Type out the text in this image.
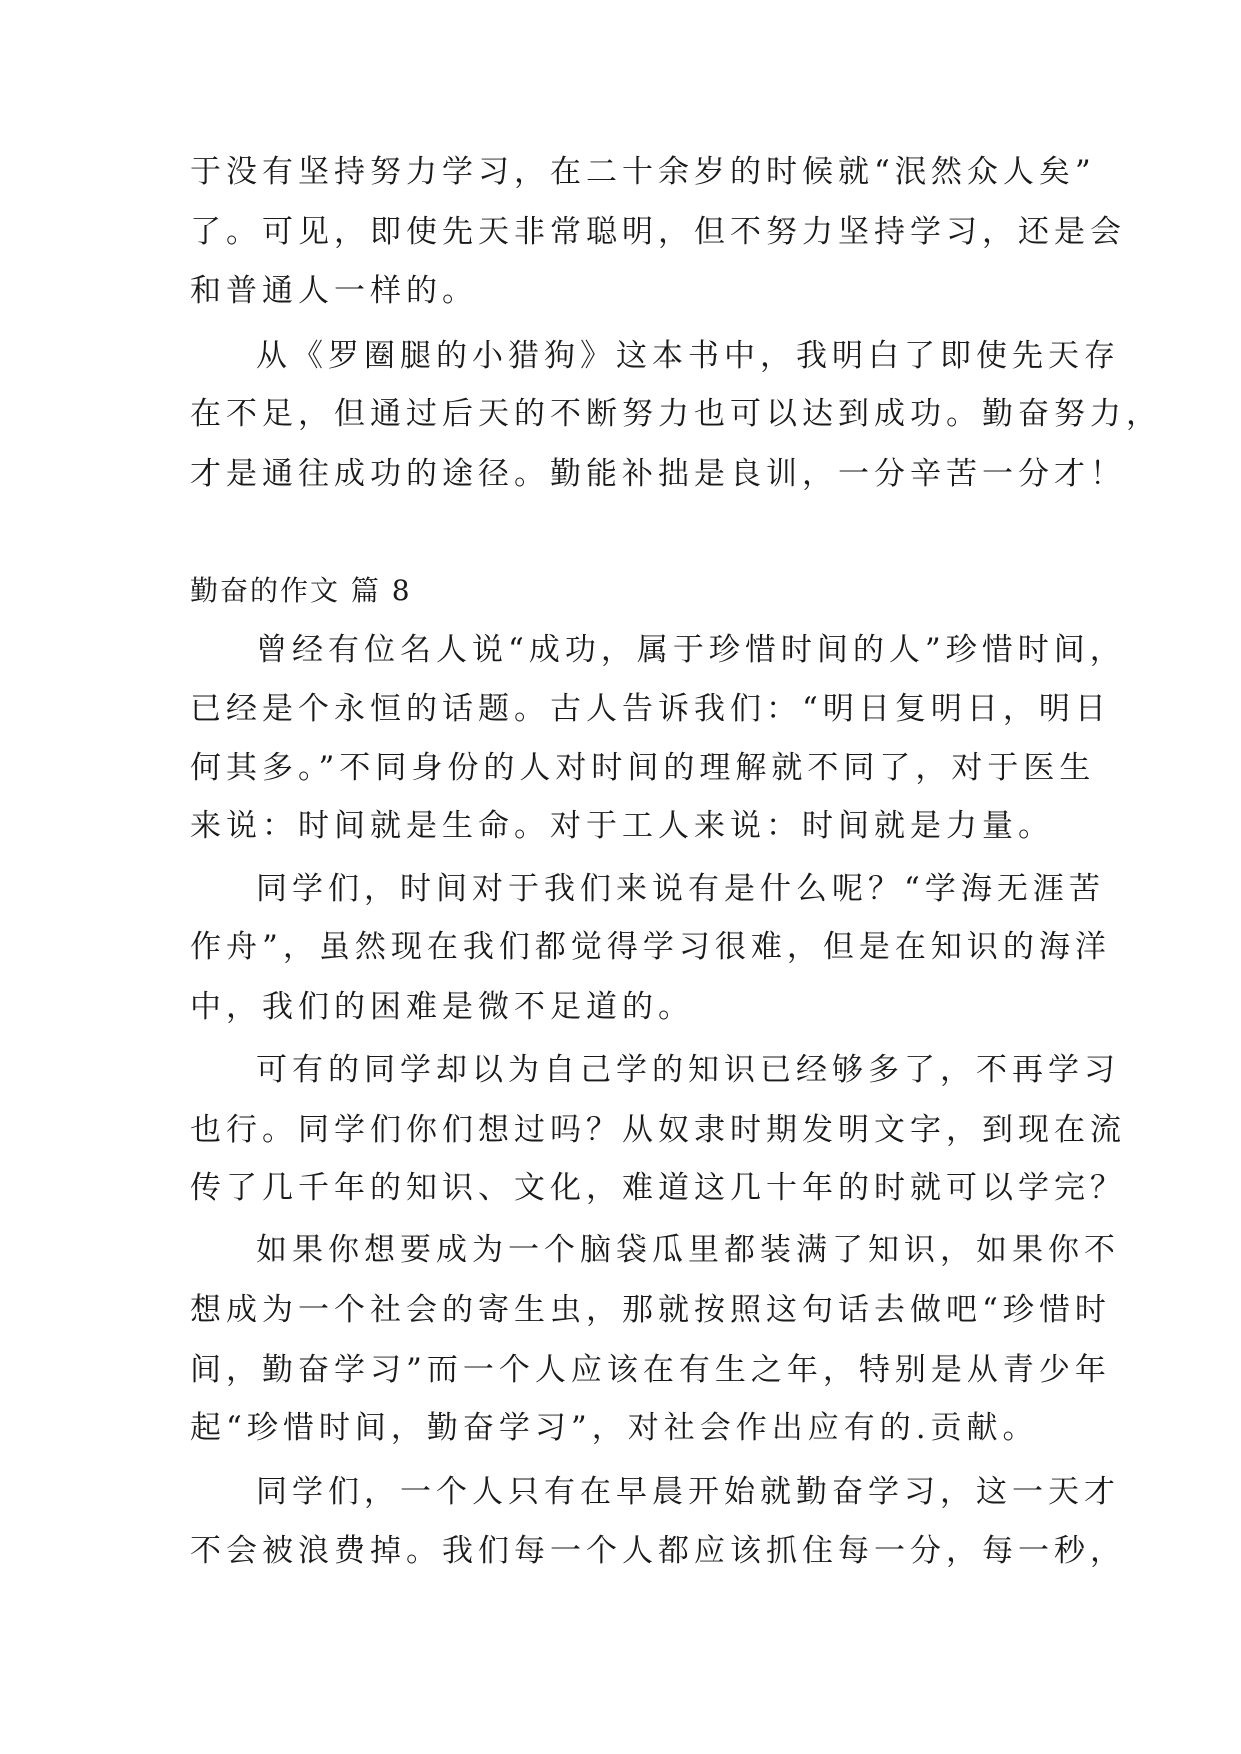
于没有坚持努力学习，在二十余岁的时候就“泯然众人矣”
了。可见，即使先天非常聪明，但不努力坚持学习，还是会
和普通人一样的。
从《罗圈腿的小猎狗》这本书中，我明白了即使先天存
在不足，但通过后天的不断努力也可以达到成功。勤奋努力，
才是通往成功的途径。勤能补拙是良训，一分辛苦一分才！
勤奋的作文 篇 8
曾经有位名人说“成功，属于珍惜时间的人”珍惜时间，
已经是个永恒的话题。古人告诉我们：“明日复明日，明日
何其多。”不同身份的人对时间的理解就不同了，对于医生
来说：时间就是生命。对于工人来说：时间就是力量。
同学们，时间对于我们来说有是什么呢？“学海无涯苦
作舟”，虽然现在我们都觉得学习很难，但是在知识的海洋
中，我们的困难是微不足道的。
可有的同学却以为自己学的知识已经够多了，不再学习
也行。同学们你们想过吗？从奴隶时期发明文字，到现在流
传了几千年的知识、文化，难道这几十年的时就可以学完？
如果你想要成为一个脑袋瓜里都装满了知识，如果你不
想成为一个社会的寄生虫，那就按照这句话去做吧“珍惜时
间，勤奋学习”而一个人应该在有生之年，特别是从青少年
起“珍惜时间，勤奋学习”，对社会作出应有的.贡献。
同学们，一个人只有在早晨开始就勤奋学习，这一天才
不会被浪费掉。我们每一个人都应该抓住每一分，每一秒，
